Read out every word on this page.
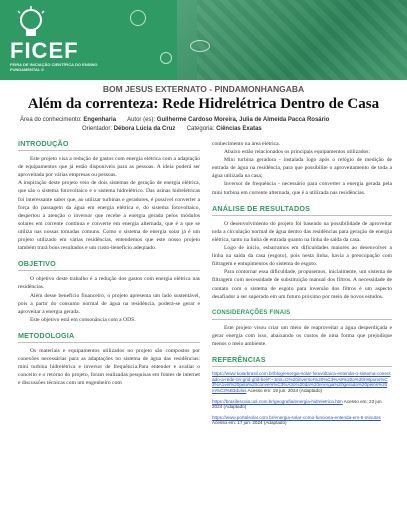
FICEF
FEIRA DE INICIAÇÃO CIENTÍFICA DO ENSINO FUNDAMENTAL II
BOM JESUS EXTERNATO - PINDAMONHANGABA
Além da correnteza: Rede Hidrelétrica Dentro de Casa
Área do conhecimento: Engenharia Autor (es): Guilherme Cardoso Moreira, Julia de Almeida Pacca Rosário
Orientador: Débora Lúcia da Cruz Categoria: Ciências Exatas
INTRODUÇÃO

Este projeto visa a redução de gastos com energia elétrica com a adaptação de equipamentos que já estão disponíveis para as pessoas. A ideia poderá ser aproveitada por várias empresas ou pessoas.

A inspiração deste projeto veio de dois sistemas de geração de energia elétrica, que são o sistema fotovoltaico e o sistema hidrelétrico. Das usinas hidrelétricas foi interessante saber que, ao utilizar turbinas e geradores, é possível converter a força do passagem da água em energia elétrica e, do sistema fotovoltaico, despertou a atenção o inversor que recebe a energia gerada pelos módulos solares em corrente contínua e converte em energia alternada, que é a que se utiliza nas nossas tomadas comuns. Como o sistema de energia solar já é um projeto utilizado em várias residências, entendemos que este nosso projeto também trará bons resultados e um custo-benefício adequado.

OBJETIVO

O objetivo deste trabalho é a redução dos gastos com energia elétrica nas residências.

Além desse benefício financeiro, o projeto apresenta um lado sustentável, pois a partir do consumo normal de água na residência, poderá-se gerar e aproveitar a energia gerada.

Este objetivo está em consonância com a ODS.

METODOLOGIA

Os materiais e equipamentos utilizados no projeto são compostos por conexões necessárias para as adaptações no sistema de água das residências: mini turbina hidrelétrica e inversor de frequência.Para entender e avaliar o conceito e o retorno do projeto, foram realizadas pesquisas em fontes de internet e discussões técnicas com um engenheiro com

conhecimento na área elétrica.

Abaixo estão relacionados os principais equipamentos utilizados:

Mini turbina geradora - instalada logo após o relógio de medição de entrada de água na residência, para que possibilite o aproveitamento de toda a água utilizada na casa;

Inversor de frequência - necessário para converter a energia gerada pela mini turbina em corrente alternada, que é a utilizada nas residências.

ANÁLISE DE RESULTADOS

O desenvolvimento do projeto foi baseado na possibilidade de aproveitar toda a circulação normal de água dentro das residências para geração de energia elétrica, tanto na linha de entrada quanto na linha de saída da casa.

Logo de início, esbarramos em dificuldades maiores ao desenvolver a linha na saída da casa (esgoto), pois nesta linha, havia a preocupação com filtragem e entupimentos do sistema de esgoto.

Para contornar essa dificuldade, propusemos, inicialmente, um sistema de filtragem com necessidade de substituição manual dos filtros. A necessidade de contato com o sistema de esgoto para inversão dos filtros é um aspecto desafiador a ser superado em um futuro próximo por meio de novos estudos.

CONSIDERAÇÕES FINAIS

Este projeto visou criar um meio de reaproveitar a água desperdiçada e gerar energia com isso, abaixando os custos de uma forma que prejudique menos o meio ambiente.

REFERÊNCIAS
https://www.solarbrasil.com.br/blog/energia-solar-fotovoltaica-entenda-o-sistema-conectado-a-rede-on-grid-grid-tie/#:~:text=O%20inversor%20%C3%A9%20o%20respons%C3%A1vel%20pela%20convers%C3%A3o%20da%20energia%20gerada%20pelos%20m%C3%B3dulos Acesso em: 19 jun. 2024 (Adaptado)
https://brasilescola.uol.com.br/geografia/energia-hidreletrica.htm Acesso em: 23 jun. 2024 (Adaptado)
https://www.portalsolar.com.br/energia-solar-como-funciona-entenda-em-5-minutos Acesso em: 17 jun. 2024 (Adaptado)
